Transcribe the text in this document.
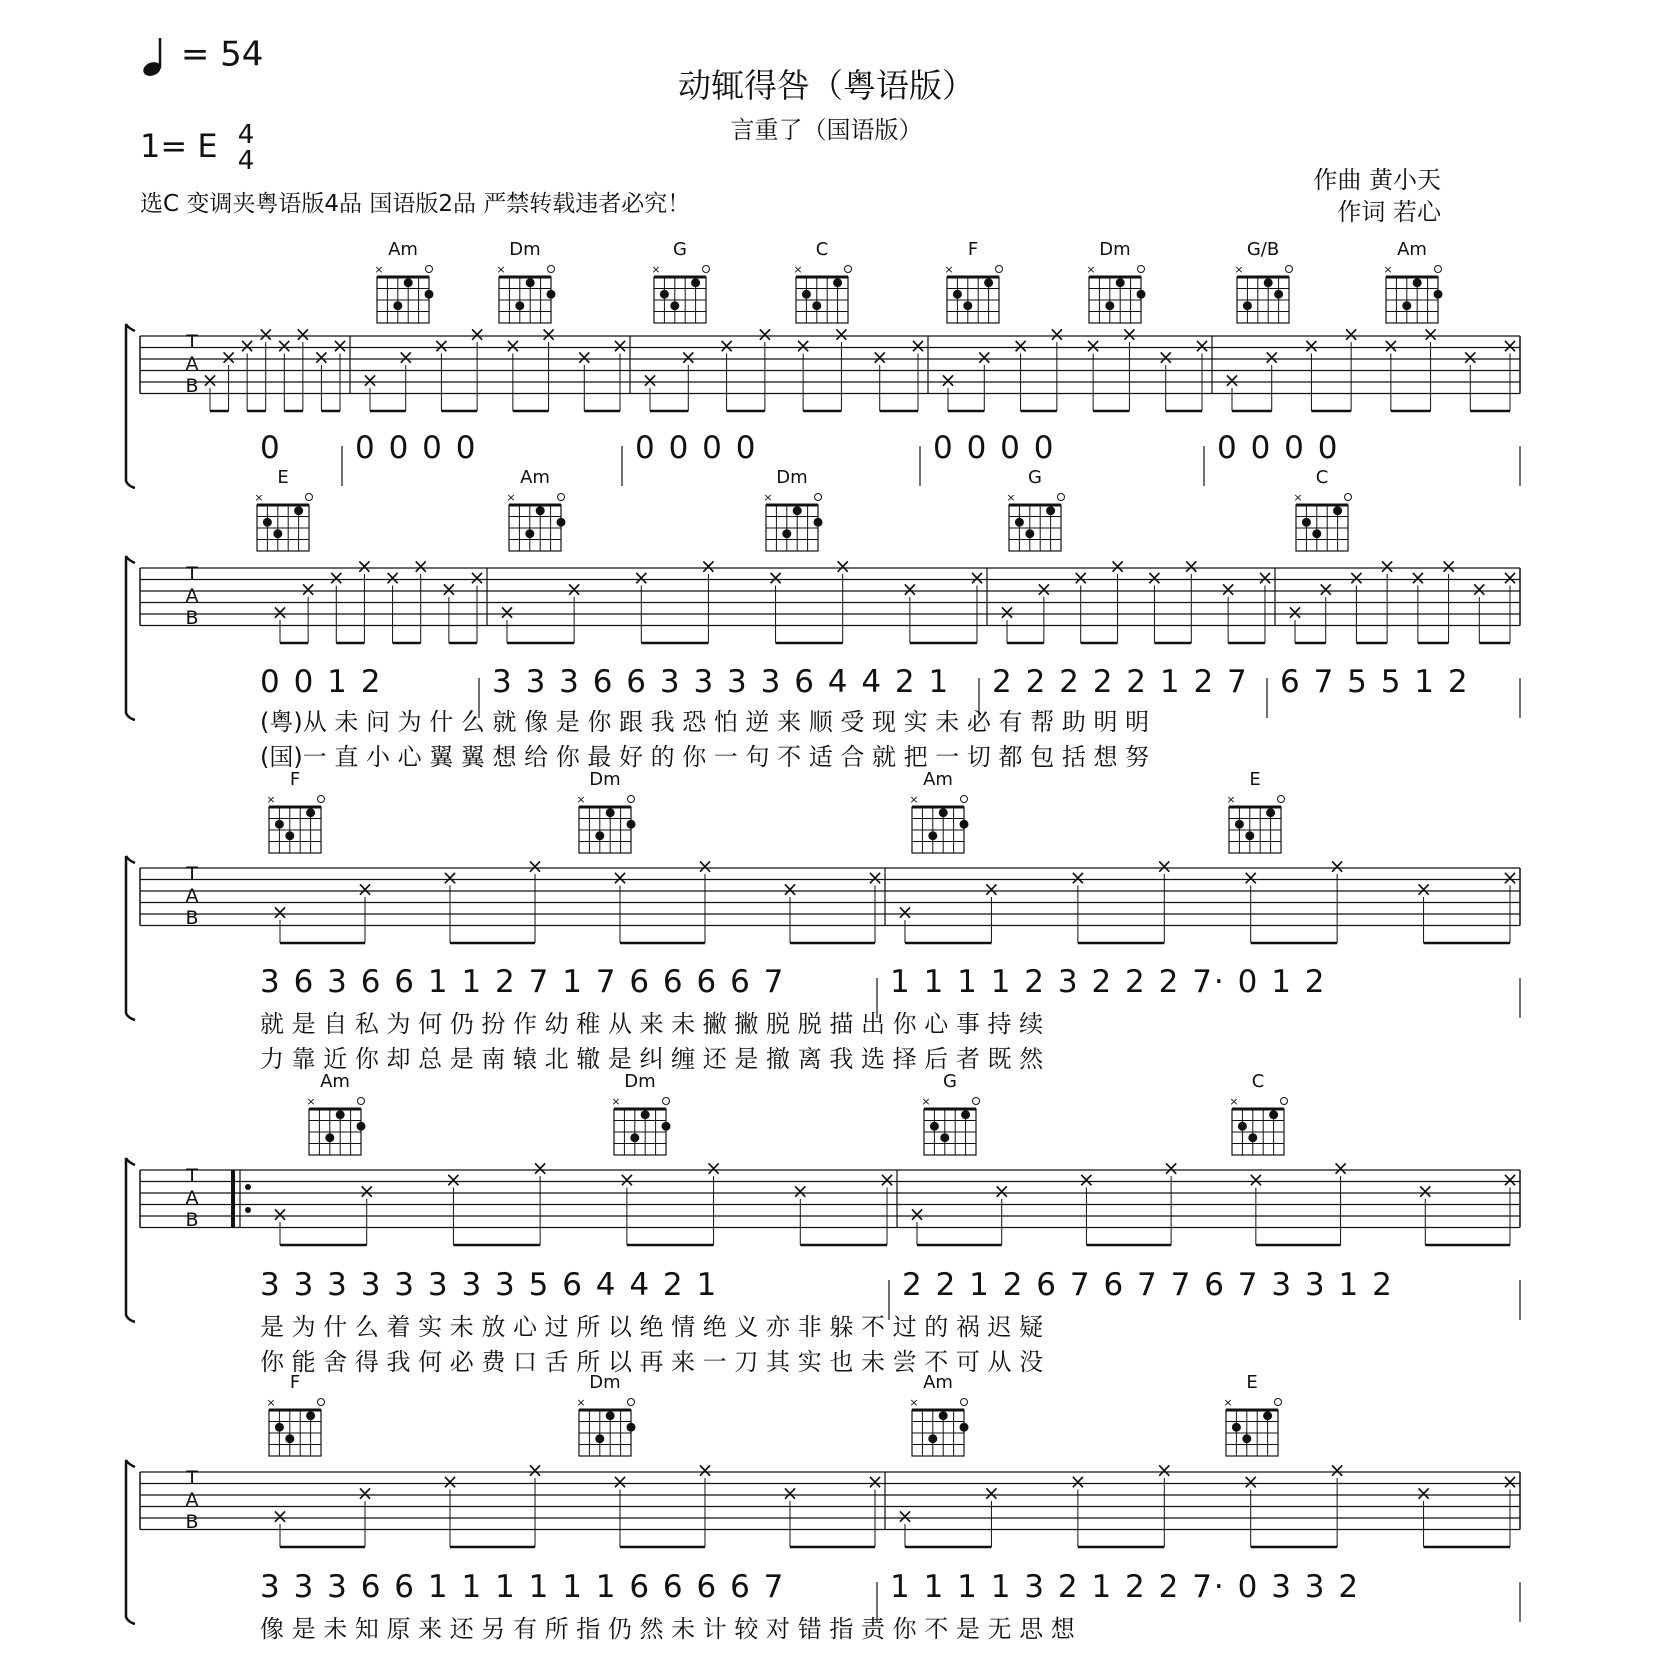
= 54
1= E 4
4
动辄得咎（粤语版）
言重了（国语版）
作曲 黄小天
作词 若心
选C 变调夹粤语版4品 国语版2品 严禁转载违者必究！
Am
×
Dm
×
G
×
C
×
F
×
Dm
×
G/B
×
Am
×
T
A
B ×
× × × × ×
× ×
×
× × × × ×
× ×
×
× × × × ×
× ×
×
× × × × ×
× ×
×
× × × × ×
× ×
0 0 0 0 0	0 0 0 0	0 0 0 0	0 0 0 0
E
×
Am
×
Dm
×
G
×
C
×
T
A
B	×
× × × × ×
× ×
×
×	×	×	×	×
×	×
×
× × × × ×
× ×
×
× × × × ×
× ×
0 0 1 2	3 3 3 6 6 3 3 3 3 6 4 4 2 1 2 2 2 2 2 1 2 7 6 7 5 5 1 2
(粤)从 未 问 为 什 么 就 像 是 你 跟 我 恐 怕 逆 来 顺 受 现 实 未 必 有 帮 助 明 明
(国)一 直 小 心 翼 翼 想 给 你 最 好 的 你 一 句 不 适 合 就 把 一 切 都 包 括 想 努
F
×
Dm
×
Am
×
E
×
T
A
B	×
×	×	×	×	×
×	×
×
×	×	×	×	×
×	×
3 6 3 6 6 1 1 2 7 1 7 6 6 6 6 7	1 1 1 1 2 3 2 2 2 7· 0 1 2
就 是 自 私 为 何 仍 扮 作 幼 稚 从 来 未 撇 撇 脱 脱 描 出 你 心 事 持 续
力 靠 近 你 却 总 是 南 辕 北 辙 是 纠 缠 还 是 撤 离 我 选 择 后 者 既 然
Am
×
Dm
×
G
×
C
×
T
A
B	×
×	×	×	×	×
×	×
×
×	×	×	×	×
×	×
3 3 3 3 3 3 3 3 5 6 4 4 2 1	2 2 1 2 6 7 6 7 7 6 7 3 3 1 2
是 为 什 么 着 实 未 放 心 过 所 以 绝 情 绝 义 亦 非 躲 不 过 的 祸 迟 疑
你 能 舍 得 我 何 必 费 口 舌 所 以 再 来 一 刀 其 实 也 未 尝 不 可 从 没
F
×
Dm
×
Am
×
E
×
T
A
B	×
×	×	×	×	×
×	×
×
×	×	×	×	×
×	×
3 3 3 6 6 1 1 1 1 1 1 6 6 6 6 7	1 1 1 1 3 2 1 2 2 7· 0 3 3 2
像 是 未 知 原 来 还 另 有 所 指 仍 然 未 计 较 对 错 指 责 你 不 是 无 思 想
